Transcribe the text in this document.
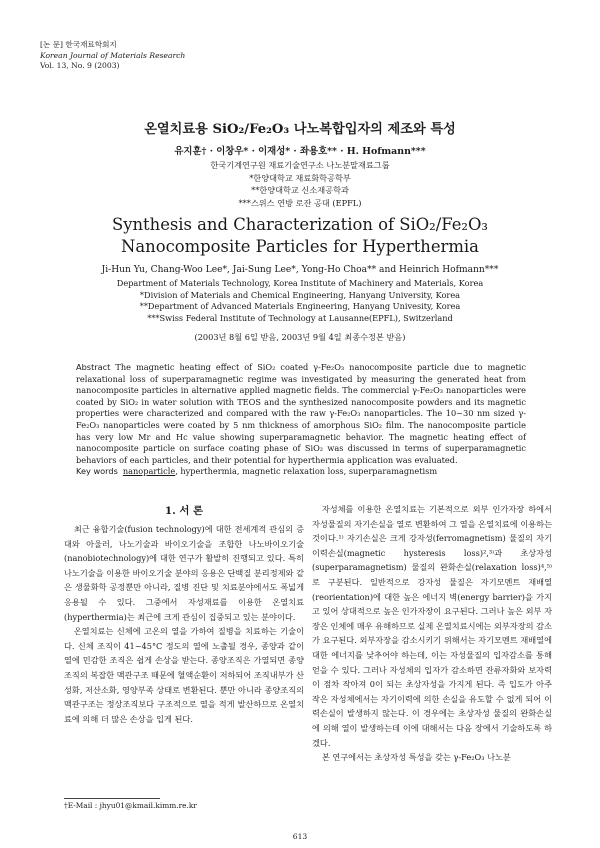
[논 문] 한국재료학회지
Korean Journal of Materials Research
Vol. 13, No. 9 (2003)
온열치료용 SiO₂/Fe₂O₃ 나노복합입자의 제조와 특성
유지훈† · 이창우* · 이재성* · 좌용호** · H. Hofmann***
한국기계연구원 재료기술연구소 나노분말재료그룹
*한양대학교 재료화학공학부
**한양대학교 신소재공학과
***스위스 연방 로잔 공대 (EPFL)
Synthesis and Characterization of SiO₂/Fe₂O₃
Nanocomposite Particles for Hyperthermia
Ji-Hun Yu, Chang-Woo Lee*, Jai-Sung Lee*, Yong-Ho Choa** and Heinrich Hofmann***
Department of Materials Technology, Korea Institute of Machinery and Materials, Korea
*Division of Materials and Chemical Engineering, Hanyang University, Korea
**Department of Advanced Materials Engineering, Hanyang Univesity, Korea
***Swiss Federal Institute of Technology at Lausanne(EPFL), Switzerland
(2003년 8월 6일 받음, 2003년 9월 4일 최종수정본 받음)
Abstract The magnetic heating effect of SiO₂ coated γ-Fe₂O₃ nanocomposite particle due to magnetic relaxational loss of superparamagnetic regime was investigated by measuring the generated heat from nanocomposite particles in alternative applied magnetic fields. The commercial γ-Fe₂O₃ nanoparticles were coated by SiO₂ in water solution with TEOS and the synthesized nanocomposite powders and its magnetic properties were characterized and compared with the raw γ-Fe₂O₃ nanoparticles. The 10~30 nm sized γ-Fe₂O₃ nanoparticles were coated by 5 nm thickness of amorphous SiO₂ film. The nanocomposite particle has very low Mr and Hc value showing superparamagnetic behavior. The magnetic heating effect of nanocomposite particle on surface coating phase of SiO₂ was discussed in terms of superparamagnetic behaviors of each particles, and their potential for hyperthermia application was evaluated.
Key words nanoparticle, hyperthermia, magnetic relaxation loss, superparamagnetism
1. 서 론

최근 융합기술(fusion technology)에 대한 전세계적 관심의 증대와 아울러, 나노기술과 바이오기술을 조합한 나노바이오기술(nanobiotechnology)에 대한 연구가 활발히 진행되고 있다. 특히 나노기술을 이용한 바이오기술 분야의 응용은 단백질 분리정제와 같은 생물화학 공정뿐만 아니라, 질병 진단 및 치료분야에서도 폭넓게 응용될 수 있다. 그중에서 자성재료를 이용한 온열치료(hyperthermia)는 최근에 크게 관심이 집중되고 있는 분야이다.

온열치료는 신체에 고온의 열을 가하여 질병을 치료하는 기술이다. 신체 조직이 41~45°C 정도의 열에 노출될 경우, 종양과 같이 열에 민감한 조직은 쉽게 손상을 받는다. 종양조직은 가열되면 종양조직의 복잡한 맥관구조 때문에 혈액순환이 저하되어 조직내부가 산성화, 저산소화, 영양부족 상태로 변환된다. 뿐만 아니라 종양조직의 맥관구조는 정상조직보다 구조적으로 열을 적게 발산하므로 온열치료에 의해 더 많은 손상을 입게 된다.

자성체를 이용한 온열치료는 기본적으로 외부 인가자장 하에서 자성물질의 자기손실을 열로 변환하여 그 열을 온열치료에 이용하는 것이다.¹⁾ 자기손실은 크게 강자성(ferromagnetism) 물질의 자기이력손실(magnetic hysteresis loss)²,³⁾과 초상자성(superparamagnetism) 물질의 완화손실(relaxation loss)⁴,⁵⁾로 구분된다. 일반적으로 강자성 물질은 자기모멘트 재배열(reorientation)에 대한 높은 에너지 벽(energy barrier)을 가지고 있어 상대적으로 높은 인가자장이 요구된다. 그러나 높은 외부 자장은 인체에 매우 유해하므로 실제 온열치료시에는 외부자장의 감소가 요구된다. 외부자장을 감소시키기 위해서는 자기모멘트 재배열에 대한 에너지를 낮추어야 하는데, 이는 자성물질의 입자감소를 통해 얻을 수 있다. 그러나 자성체의 입자가 감소하면 잔류자화와 보자력이 점차 작아져 0이 되는 초상자성을 가지게 된다. 즉 입도가 아주 작은 자성체에서는 자기이력에 의한 손실을 유도할 수 없게 되어 이력손실이 발생하지 않는다. 이 경우에는 초상자성 물질의 완화손실에 의해 열이 발생하는데 이에 대해서는 다음 장에서 기술하도록 하겠다.

본 연구에서는 초상자성 특성을 갖는 γ-Fe₂O₃ 나노분

†E-Mail : jhyu01@kmail.kimm.re.kr
613
